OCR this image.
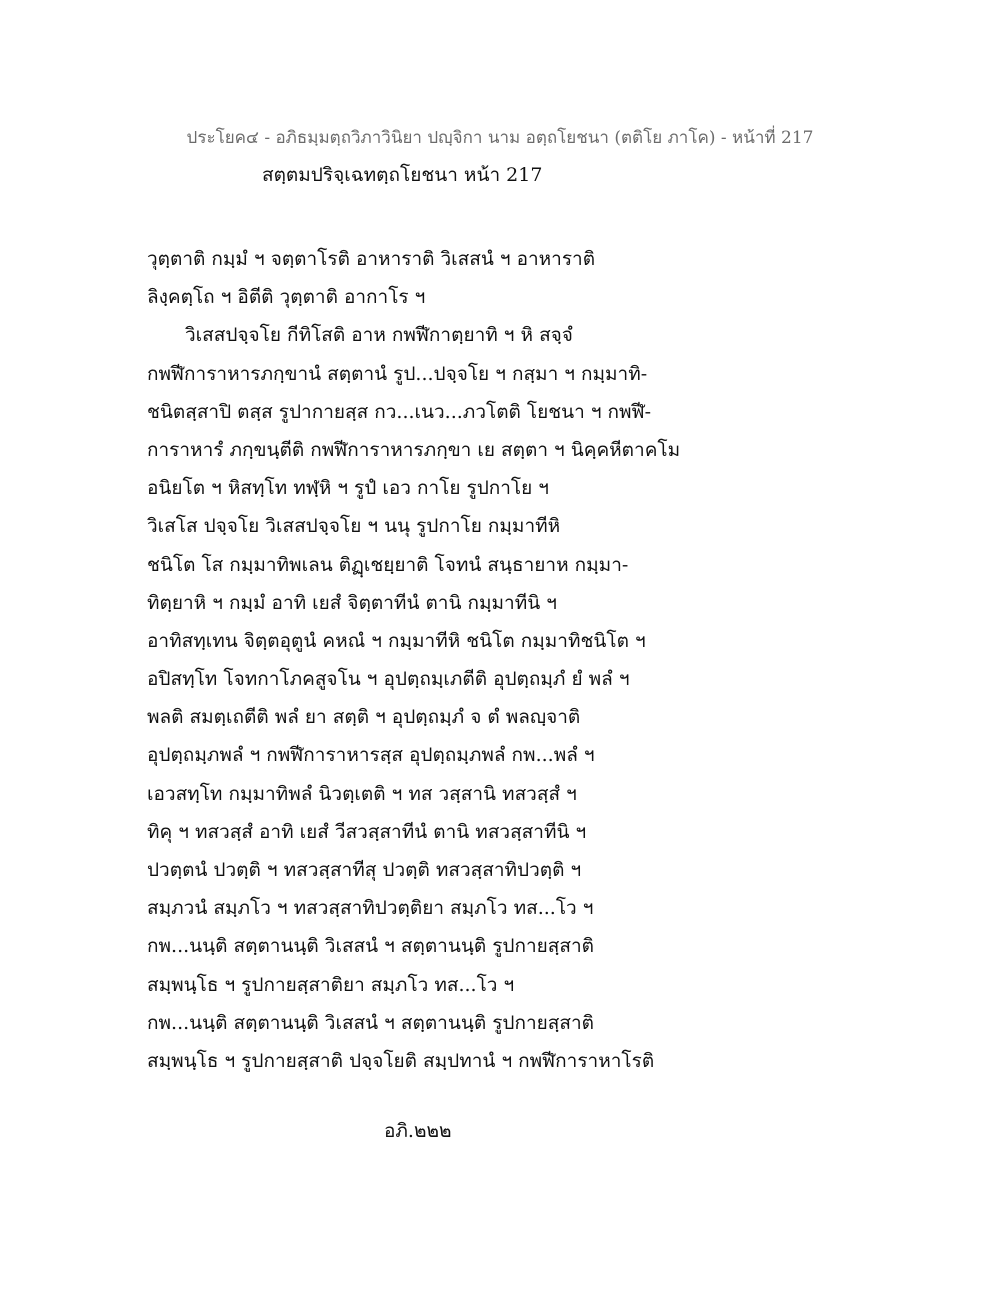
ประโยค๔ - อภิธมฺมตฺถวิภาวินิยา ปญฺจิกา นาม อตฺถโยชนา (ตติโย ภาโค) - หน้าที่ 217
สตฺตมปริจฺเฉทตฺถโยชนา หน้า 217
วุตฺตาติ กมฺมํ ฯ จตฺตาโรติ อาหาราติ วิเสสนํ ฯ อาหาราติ
ลิงฺคตฺโถ ฯ อิตีติ วุตฺตาติ อากาโร ฯ
วิเสสปจฺจโย กีทิโสติ อาห กพฬีกาตฺยาทิ ฯ หิ สจฺจํ
กพฬีการาหารภกฺขานํ สตฺตานํ รูป...ปจฺจโย ฯ กสฺมา ฯ กมฺมาทิ-
ชนิตสฺสาปิ ตสฺส รูปากายสฺส กว...เนว...ภวโตติ โยชนา ฯ กพฬี-
การาหารํ ภกฺขนฺตีติ กพฬีการาหารภกฺขา เย สตฺตา ฯ นิคฺคหีตาคโม
อนิยโต ฯ หิสทฺโท ทฬฺหิ ฯ รูปํ เอว กาโย รูปกาโย ฯ
วิเสโส ปจฺจโย วิเสสปจฺจโย ฯ นนุ รูปกาโย กมฺมาทีหิ
ชนิโต โส กมฺมาทิพเลน ติฏฺเชยฺยาติ โจทนํ สนฺธายาห กมฺมา-
ทิตฺยาหิ ฯ กมฺมํ อาทิ เยสํ จิตฺตาทีนํ ตานิ กมฺมาทีนิ ฯ
อาทิสทฺเทน จิตฺตอุตูนํ คหณํ ฯ กมฺมาทีหิ ชนิโต กมฺมาทิชนิโต ฯ
อปิสทฺโท โจทกาโภคสูจโน ฯ อุปตฺถมฺเภตีติ อุปตฺถมฺภํ ยํ พลํ ฯ
พลติ สมตฺเถตีติ พลํ ยา สตฺติ ฯ อุปตฺถมฺภํ จ ตํ พลญฺจาติ
อุปตฺถมฺภพลํ ฯ กพฬีการาหารสฺส อุปตฺถมฺภพลํ กพ...พลํ ฯ
เอวสทฺโท กมฺมาทิพลํ นิวตฺเตติ ฯ ทส วสฺสานิ ทสวสฺสํ ฯ
ทิคุ ฯ ทสวสฺสํ อาทิ เยสํ วีสวสฺสาทีนํ ตานิ ทสวสฺสาทีนิ ฯ
ปวตฺตนํ ปวตฺติ ฯ ทสวสฺสาทีสุ ปวตฺติ ทสวสฺสาทิปวตฺติ ฯ
สมฺภวนํ สมฺภโว ฯ ทสวสฺสาทิปวตฺติยา สมฺภโว ทส...โว ฯ
กพ...นนฺติ สตฺตานนฺติ วิเสสนํ ฯ สตฺตานนฺติ รูปกายสฺสาติ
สมฺพนฺโธ ฯ รูปกายสฺสาติยา สมฺภโว ทส...โว ฯ
กพ...นนฺติ สตฺตานนฺติ วิเสสนํ ฯ สตฺตานนฺติ รูปกายสฺสาติ
สมฺพนฺโธ ฯ รูปกายสฺสาติ ปจฺจโยติ สมฺปทานํ ฯ กพฬีการาหาโรติ
อภิ.๒๒๒
